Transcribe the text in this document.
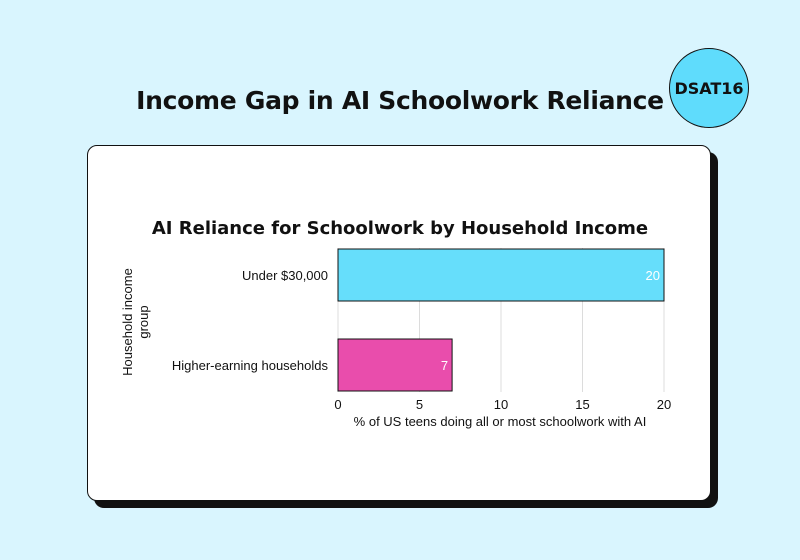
Income Gap in AI Schoolwork Reliance DSAT16
AI Reliance for Schoolwork by Household Income
20
7
Under $30,000
Higher-earning households
0	5	10	15	20
% of US teens doing all or most schoolwork with AI
Household incomegroup
